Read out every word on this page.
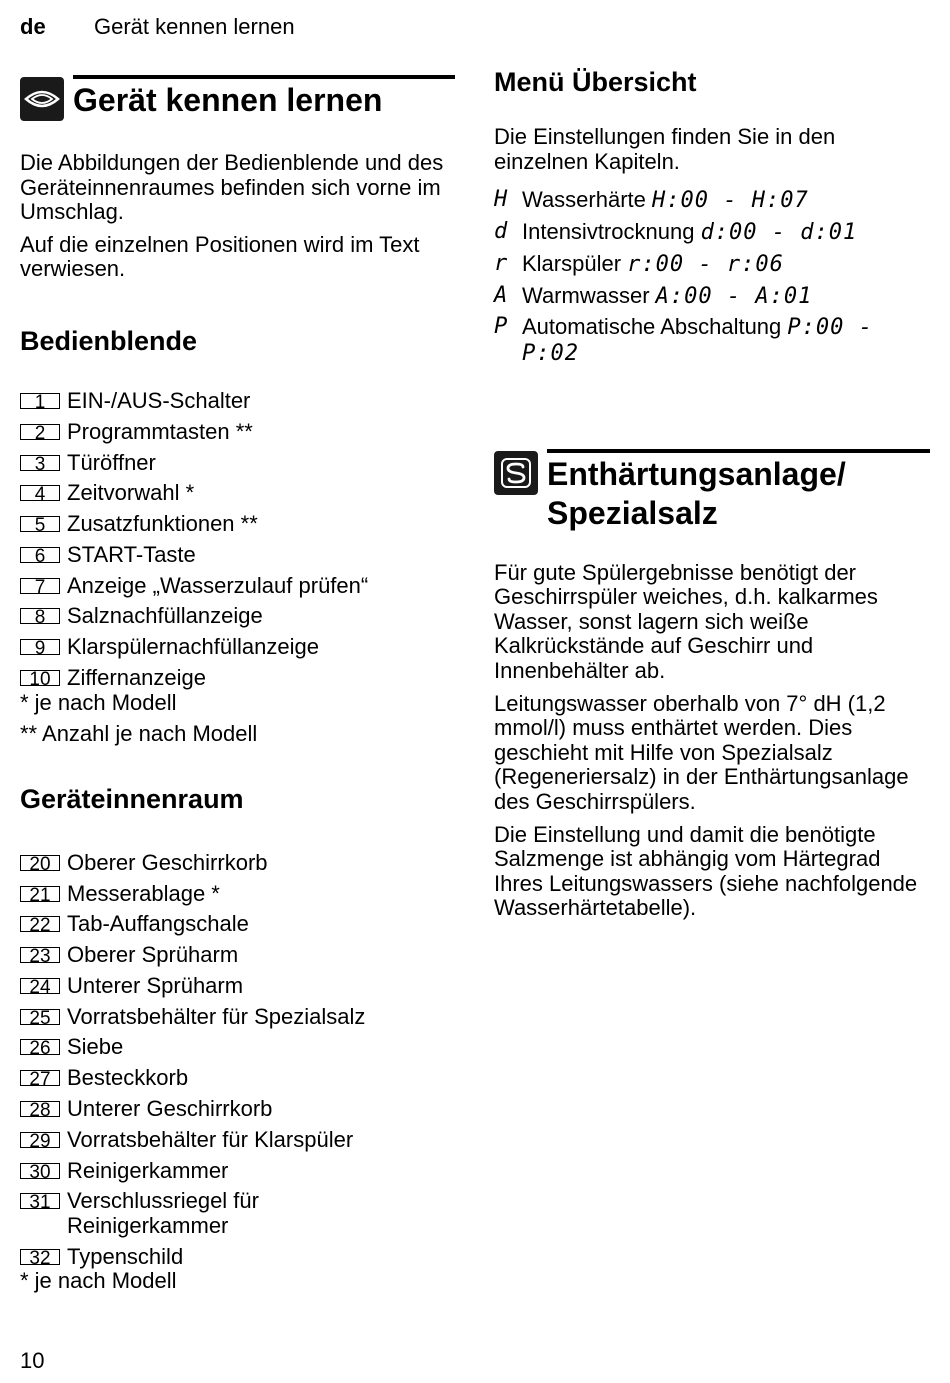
de Gerät kennen lernen
Gerät kennen lernen

Die Abbildungen der Bedienblende und des Geräteinnenraumes befinden sich vorne im Umschlag.

Auf die einzelnen Positionen wird im Text verwiesen.

Bedienblende
1 EIN-/AUS-Schalter
2 Programmtasten **
3 Türöffner
4 Zeitvorwahl *
5 Zusatzfunktionen **
6 START-Taste
7 Anzeige „Wasserzulauf prüfen“
8 Salznachfüllanzeige
9 Klarspülernachfüllanzeige
10 Ziffernanzeige

* je nach Modell

** Anzahl je nach Modell

Geräteinnenraum
20 Oberer Geschirrkorb
21 Messerablage *
22 Tab-Auffangschale
23 Oberer Sprüharm
24 Unterer Sprüharm
25 Vorratsbehälter für Spezialsalz
26 Siebe
27 Besteckkorb
28 Unterer Geschirrkorb
29 Vorratsbehälter für Klarspüler
30 Reinigerkammer
31 Verschlussriegel für Reinigerkammer
32 Typenschild

* je nach Modell

Menü Übersicht

Die Einstellungen finden Sie in den einzelnen Kapiteln.

H Wasserhärte H:00 - H:07
d Intensivtrocknung d:00 - d:01
r Klarspüler r:00 - r:06
A Warmwasser A:00 - A:01
P Automatische Abschaltung P:00 - P:02
Enthärtungsanlage/ Spezialsalz

Für gute Spülergebnisse benötigt der Geschirrspüler weiches, d.h. kalkarmes Wasser, sonst lagern sich weiße Kalkrückstände auf Geschirr und Innenbehälter ab.

Leitungswasser oberhalb von 7° dH (1,2 mmol/l) muss enthärtet werden. Dies geschieht mit Hilfe von Spezialsalz (Regeneriersalz) in der Enthärtungsanlage des Geschirrspülers.

Die Einstellung und damit die benötigte Salzmenge ist abhängig vom Härtegrad Ihres Leitungswassers (siehe nachfolgende Wasserhärtetabelle).

10
